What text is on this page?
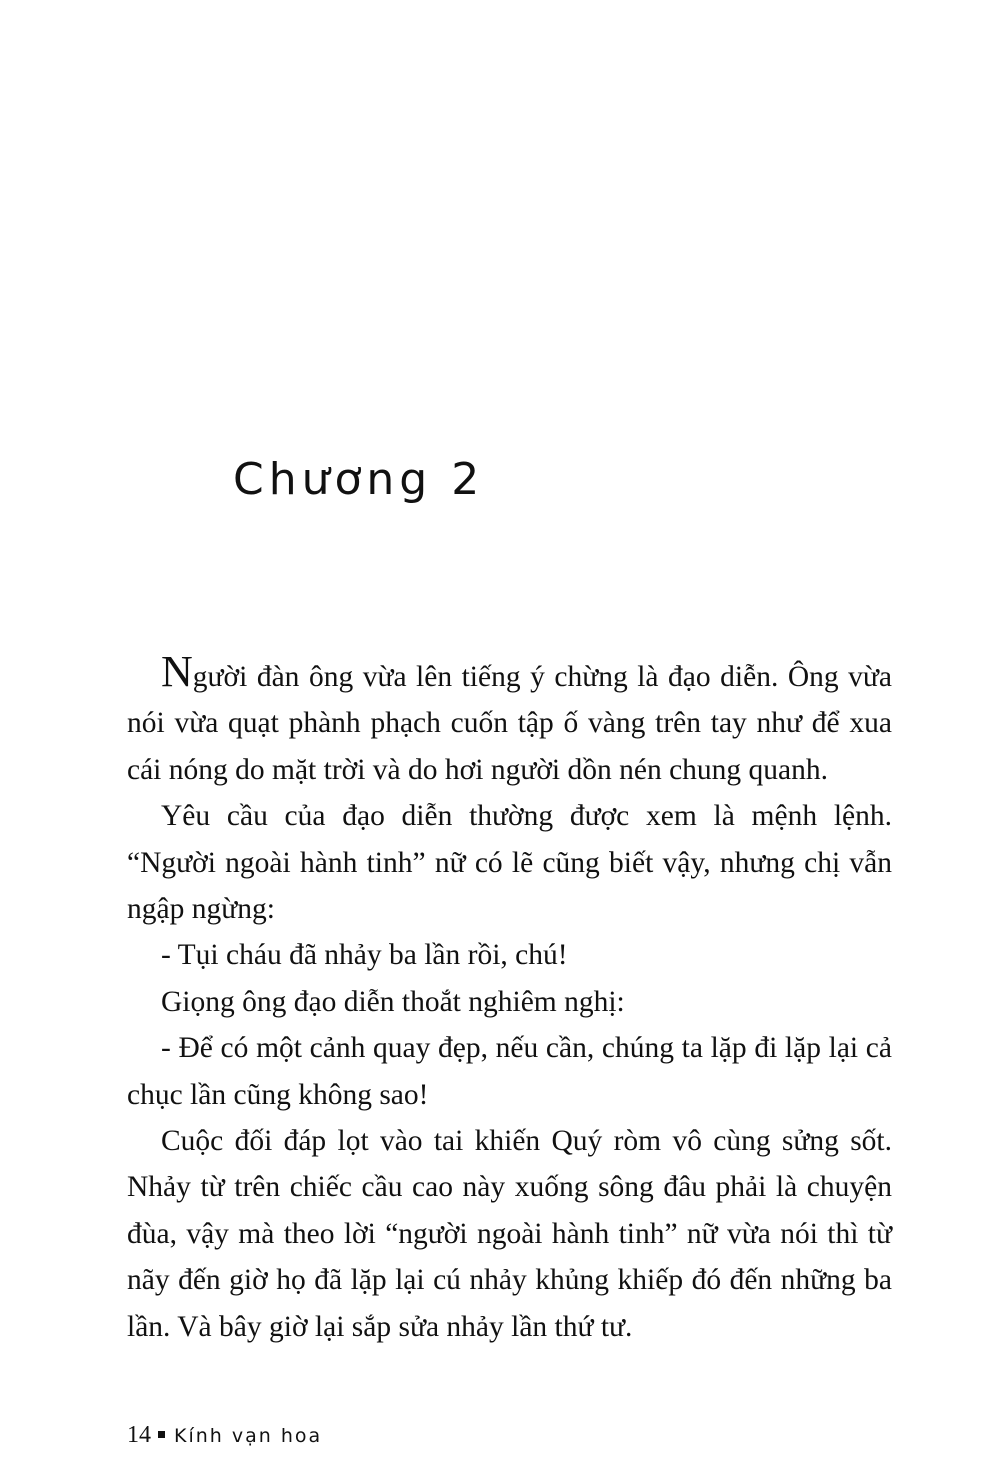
Chương 2

Người đàn ông vừa lên tiếng ý chừng là đạo diễn. Ông vừa nói vừa quạt phành phạch cuốn tập ố vàng trên tay như để xua cái nóng do mặt trời và do hơi người dồn nén chung quanh.

Yêu cầu của đạo diễn thường được xem là mệnh lệnh. “Người ngoài hành tinh” nữ có lẽ cũng biết vậy, nhưng chị vẫn ngập ngừng:

- Tụi cháu đã nhảy ba lần rồi, chú!

Giọng ông đạo diễn thoắt nghiêm nghị:

- Để có một cảnh quay đẹp, nếu cần, chúng ta lặp đi lặp lại cả chục lần cũng không sao!

Cuộc đối đáp lọt vào tai khiến Quý ròm vô cùng sửng sốt. Nhảy từ trên chiếc cầu cao này xuống sông đâu phải là chuyện đùa, vậy mà theo lời “người ngoài hành tinh” nữ vừa nói thì từ nãy đến giờ họ đã lặp lại cú nhảy khủng khiếp đó đến những ba lần. Và bây giờ lại sắp sửa nhảy lần thứ tư.

14 Kính vạn hoa
